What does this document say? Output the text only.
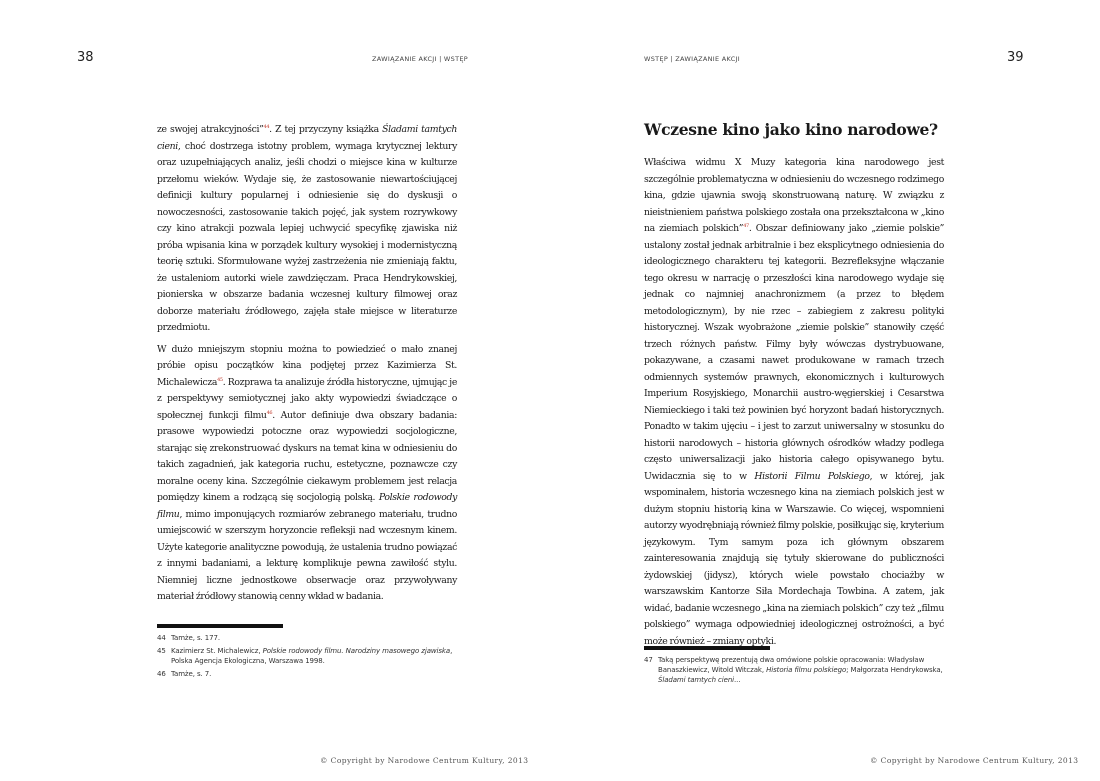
38	ZAWIĄZANIE AKCJI | WSTĘP

ze swojej atrakcyjności”$^{44}$. Z tej przyczyny książka Śladami tamtych cieni, choć dostrzega istotny problem, wymaga krytycznej lektury oraz uzupełniających analiz, jeśli chodzi o miejsce kina w kulturze przełomu wieków. Wydaje się, że zastosowanie niewartościującej definicji kultury popularnej i odniesienie się do dyskusji o nowoczesności, zastosowanie takich pojęć, jak system rozrywkowy czy kino atrakcji pozwala lepiej uchwycić specyfikę zjawiska niż próba wpisania kina w porządek kultury wysokiej i modernistyczną teorię sztuki. Sformułowane wyżej zastrzeżenia nie zmieniają faktu, że ustaleniom autorki wiele zawdzięczam. Praca Hendrykowskiej, pionierska w obszarze badania wczesnej kultury filmowej oraz doborze materiału źródłowego, zajęła stałe miejsce w literaturze przedmiotu.

W dużo mniejszym stopniu można to powiedzieć o mało znanej próbie opisu początków kina podjętej przez Kazimierza St. Michalewicza$^{45}$. Rozprawa ta analizuje źródła historyczne, ujmując je z perspektywy semiotycznej jako akty wypowiedzi świadczące o społecznej funkcji filmu$^{46}$. Autor definiuje dwa obszary badania: prasowe wypowiedzi potoczne oraz wypowiedzi socjologiczne, starając się zrekonstruować dyskurs na temat kina w odniesieniu do takich zagadnień, jak kategoria ruchu, estetyczne, poznawcze czy moralne oceny kina. Szczególnie ciekawym problemem jest relacja pomiędzy kinem a rodzącą się socjologią polską. Polskie rodowody filmu, mimo imponujących rozmiarów zebranego materiału, trudno umiejscowić w szerszym horyzoncie refleksji nad wczesnym kinem. Użyte kategorie analityczne powodują, że ustalenia trudno powiązać z innymi badaniami, a lekturę komplikuje pewna zawiłość stylu. Niemniej liczne jednostkowe obserwacje oraz przywoływany materiał źródłowy stanowią cenny wkład w badania.

44 Tamże, s. 177.
45 Kazimierz St. Michalewicz, Polskie rodowody filmu. Narodziny masowego zjawiska, Polska Agencja Ekologiczna, Warszawa 1998.
46 Tamże, s. 7.
© Copyright by Narodowe Centrum Kultury, 2013
39
WSTĘP | ZAWIĄZANIE AKCJI
Wczesne kino jako kino narodowe?

Właściwa widmu X Muzy kategoria kina narodowego jest szczególnie problematyczna w odniesieniu do wczesnego rodzimego kina, gdzie ujawnia swoją skonstruowaną naturę. W związku z nieistnieniem państwa polskiego została ona przekształcona w „kino na ziemiach polskich”$^{47}$. Obszar definiowany jako „ziemie polskie” ustalony został jednak arbitralnie i bez eksplicytnego odniesienia do ideologicznego charakteru tej kategorii. Bezrefleksyjne włączanie tego okresu w narrację o przeszłości kina narodowego wydaje się jednak co najmniej anachronizmem (a przez to błędem metodologicznym), by nie rzec – zabiegiem z zakresu polityki historycznej. Wszak wyobrażone „ziemie polskie” stanowiły część trzech różnych państw. Filmy były wówczas dystrybuowane, pokazywane, a czasami nawet produkowane w ramach trzech odmiennych systemów prawnych, ekonomicznych i kulturowych Imperium Rosyjskiego, Monarchii austro-węgierskiej i Cesarstwa Niemieckiego i taki też powinien być horyzont badań historycznych. Ponadto w takim ujęciu – i jest to zarzut uniwersalny w stosunku do historii narodowych – historia głównych ośrodków władzy podlega często uniwersalizacji jako historia całego opisywanego bytu. Uwidacznia się to w Historii Filmu Polskiego, w której, jak wspominałem, historia wczesnego kina na ziemiach polskich jest w dużym stopniu historią kina w Warszawie. Co więcej, wspomnieni autorzy wyodrębniają również filmy polskie, posiłkując się, kryterium językowym. Tym samym poza ich głównym obszarem zainteresowania znajdują się tytuły skierowane do publiczności żydowskiej (jidysz), których wiele powstało chociażby w warszawskim Kantorze Siła Mordechaja Towbina. A zatem, jak widać, badanie wczesnego „kina na ziemiach polskich” czy też „filmu polskiego” wymaga odpowiedniej ideologicznej ostrożności, a być może również – zmiany optyki.

47 Taką perspektywę prezentują dwa omówione polskie opracowania: Władysław Banaszkiewicz, Witold Witczak, Historia filmu polskiego; Małgorzata Hendrykowska, Śladami tamtych cieni...
© Copyright by Narodowe Centrum Kultury, 2013
